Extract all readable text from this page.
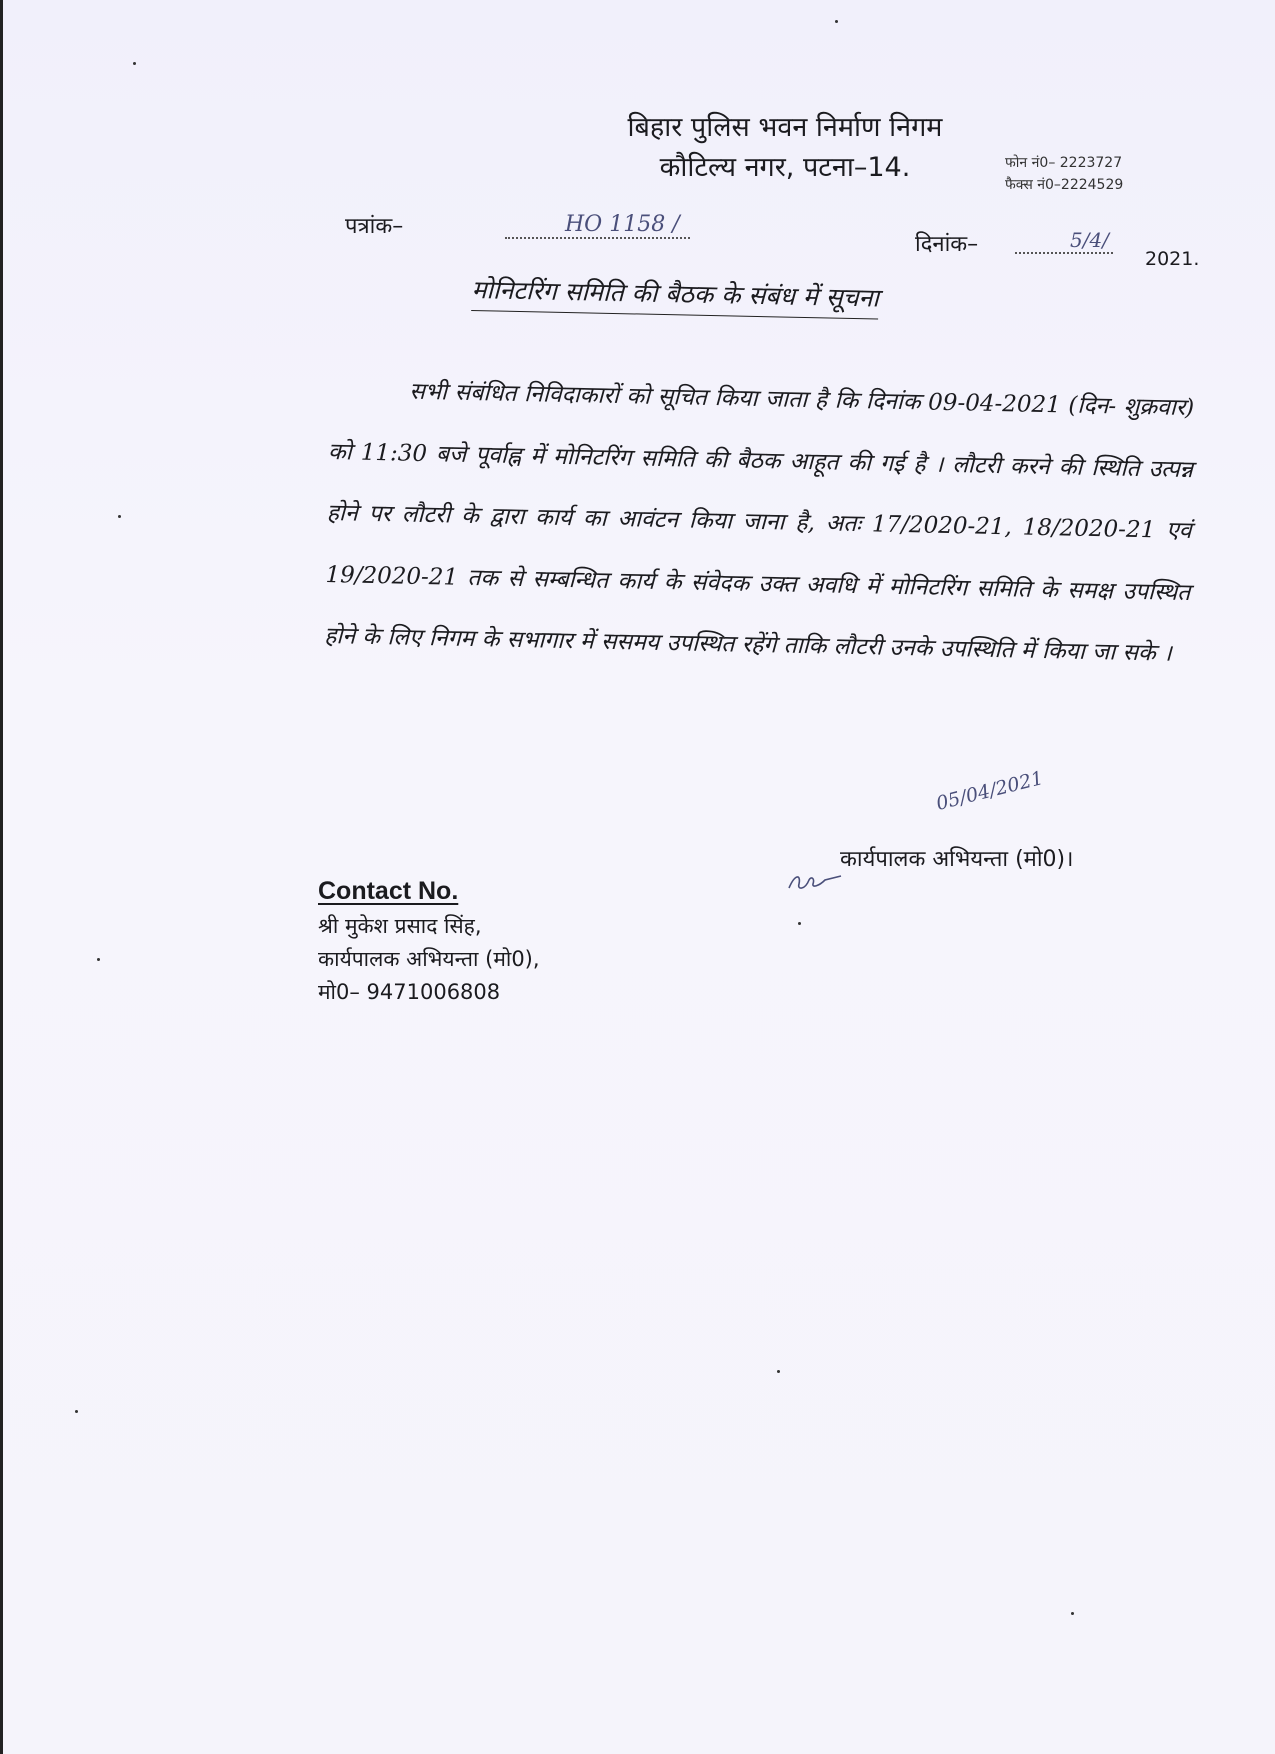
बिहार पुलिस भवन निर्माण निगम
कौटिल्य नगर, पटना–14.	फोन नं0– 2223727
फैक्स नं0–2224529
पत्रांक–	HO 1158 /
दिनांक–	5/4/
2021.
मोनिटरिंग समिति की बैठक के संबंध में सूचना
सभी संबंधित निविदाकारों को सूचित किया जाता है कि दिनांक 09-04-2021 (दिन- शुक्रवार) को 11:30 बजे पूर्वाह्न में मोनिटरिंग समिति की बैठक आहूत की गई है । लौटरी करने की स्थिति उत्पन्न होने पर लौटरी के द्वारा कार्य का आवंटन किया जाना है, अतः 17/2020-21, 18/2020-21 एवं 19/2020-21 तक से सम्बन्धित कार्य के संवेदक उक्त अवधि में मोनिटरिंग समिति के समक्ष उपस्थित होने के लिए निगम के सभागार में ससमय उपस्थित रहेंगे ताकि लौटरी उनके उपस्थिति में किया जा सके ।
05/04/2021
कार्यपालक अभियन्ता (मो0)।
Contact No.
श्री मुकेश प्रसाद सिंह,
कार्यपालक अभियन्ता (मो0),
मो0– 9471006808
